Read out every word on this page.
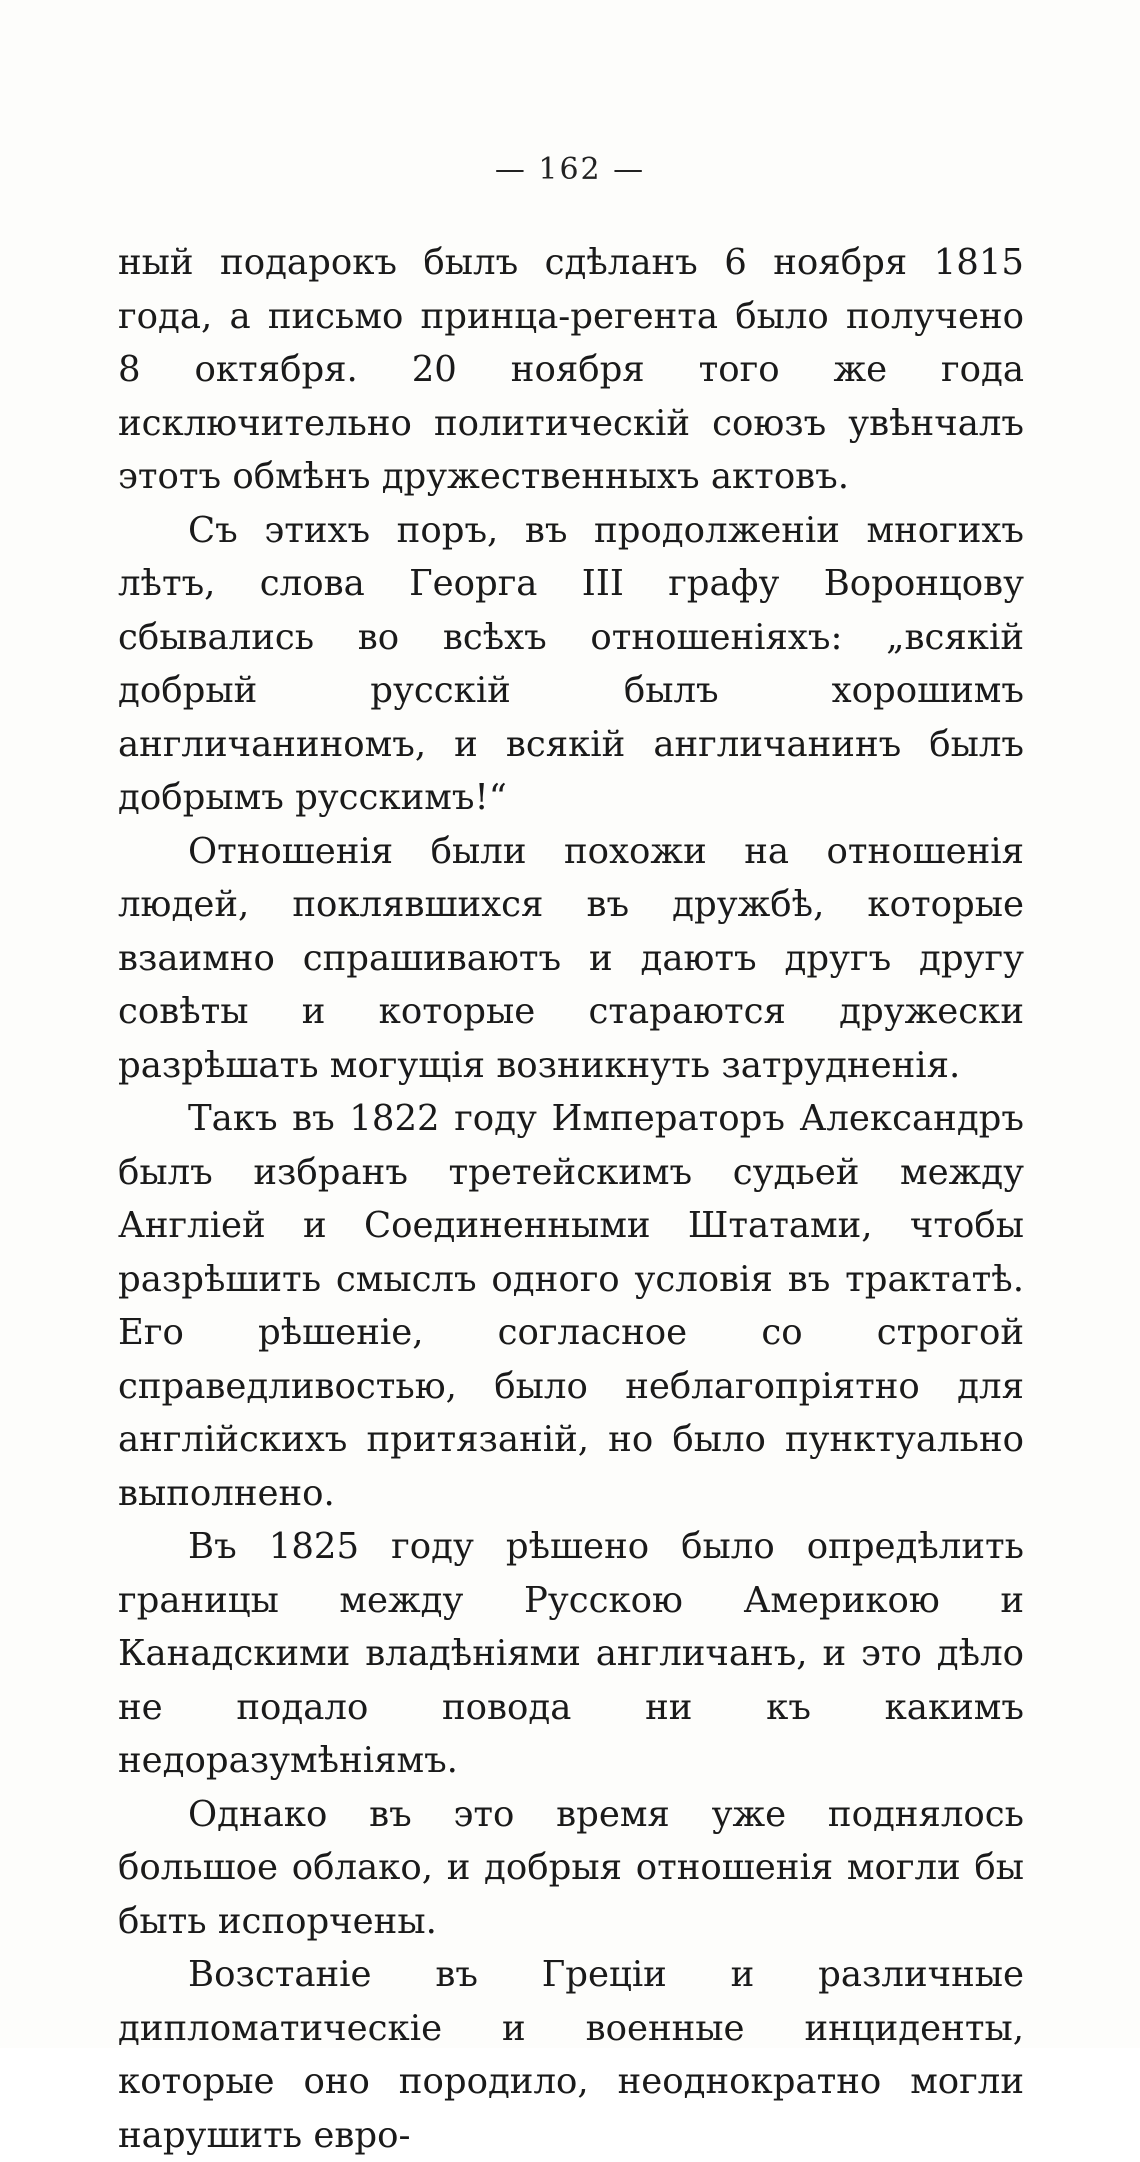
— 162 —

ный подарокъ былъ сдѣланъ 6 ноября 1815 года, а письмо принца-регента было получено 8 октября. 20 ноября того же года исключительно политическій союзъ увѣнчалъ этотъ обмѣнъ дружественныхъ актовъ.

Съ этихъ поръ, въ продолженіи многихъ лѣтъ, слова Георга III графу Воронцову сбывались во всѣхъ отношеніяхъ: „всякій добрый русскій былъ хорошимъ англичаниномъ, и всякій англичанинъ былъ добрымъ русскимъ!“

Отношенія были похожи на отношенія людей, поклявшихся въ дружбѣ, которые взаимно спрашиваютъ и даютъ другъ другу совѣты и которые стараются дружески разрѣшать могущія возникнуть затрудненія.

Такъ въ 1822 году Императоръ Александръ былъ избранъ третейскимъ судьей между Англіей и Соединенными Штатами, чтобы разрѣшить смыслъ одного условія въ трактатѣ. Его рѣшеніе, согласное со строгой справедливостью, было неблагопріятно для англійскихъ притязаній, но было пунктуально выполнено.

Въ 1825 году рѣшено было опредѣлить границы между Русскою Америкою и Канадскими владѣніями англичанъ, и это дѣло не подало повода ни къ какимъ недоразумѣніямъ.

Однако въ это время уже поднялось большое облако, и добрыя отношенія могли бы быть испорчены.

Возстаніе въ Греціи и различные дипломатическіе и военные инциденты, которые оно породило, неоднократно могли нарушить евро-
